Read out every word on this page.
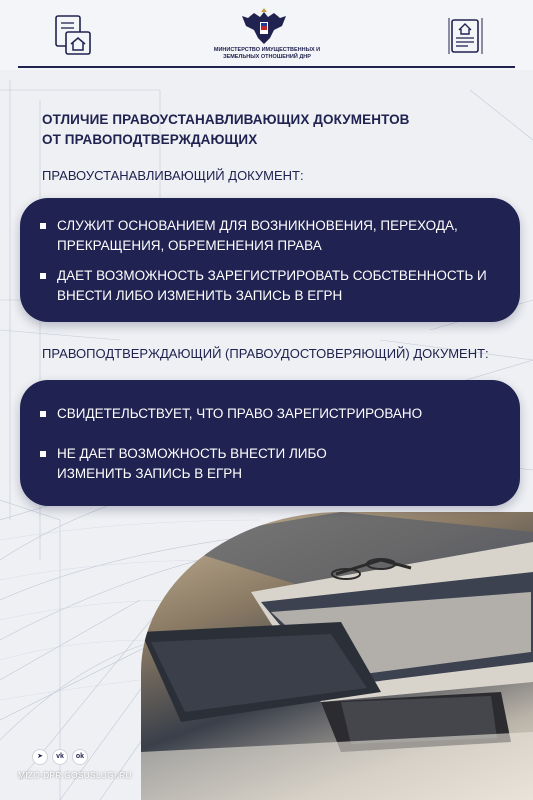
МИНИСТЕРСТВО ИМУЩЕСТВЕННЫХ И ЗЕМЕЛЬНЫХ ОТНОШЕНИЙ ДНР
ОТЛИЧИЕ ПРАВОУСТАНАВЛИВАЮЩИХ ДОКУМЕНТОВ ОТ ПРАВОПОДТВЕРЖДАЮЩИХ
ПРАВОУСТАНАВЛИВАЮЩИЙ ДОКУМЕНТ:
СЛУЖИТ ОСНОВАНИЕМ ДЛЯ ВОЗНИКНОВЕНИЯ, ПЕРЕХОДА, ПРЕКРАЩЕНИЯ, ОБРЕМЕНЕНИЯ ПРАВА
ДАЕТ ВОЗМОЖНОСТЬ ЗАРЕГИСТРИРОВАТЬ СОБСТВЕННОСТЬ И ВНЕСТИ ЛИБО ИЗМЕНИТЬ ЗАПИСЬ В ЕГРН
ПРАВОПОДТВЕРЖДАЮЩИЙ (ПРАВОУДОСТОВЕРЯЮЩИЙ) ДОКУМЕНТ:
СВИДЕТЕЛЬСТВУЕТ, ЧТО ПРАВО ЗАРЕГИСТРИРОВАНО
НЕ ДАЕТ ВОЗМОЖНОСТЬ ВНЕСТИ ЛИБО ИЗМЕНИТЬ ЗАПИСЬ В ЕГРН
➤	vk	ok
MIZO-DPR.GOSUSLUGI.RU
